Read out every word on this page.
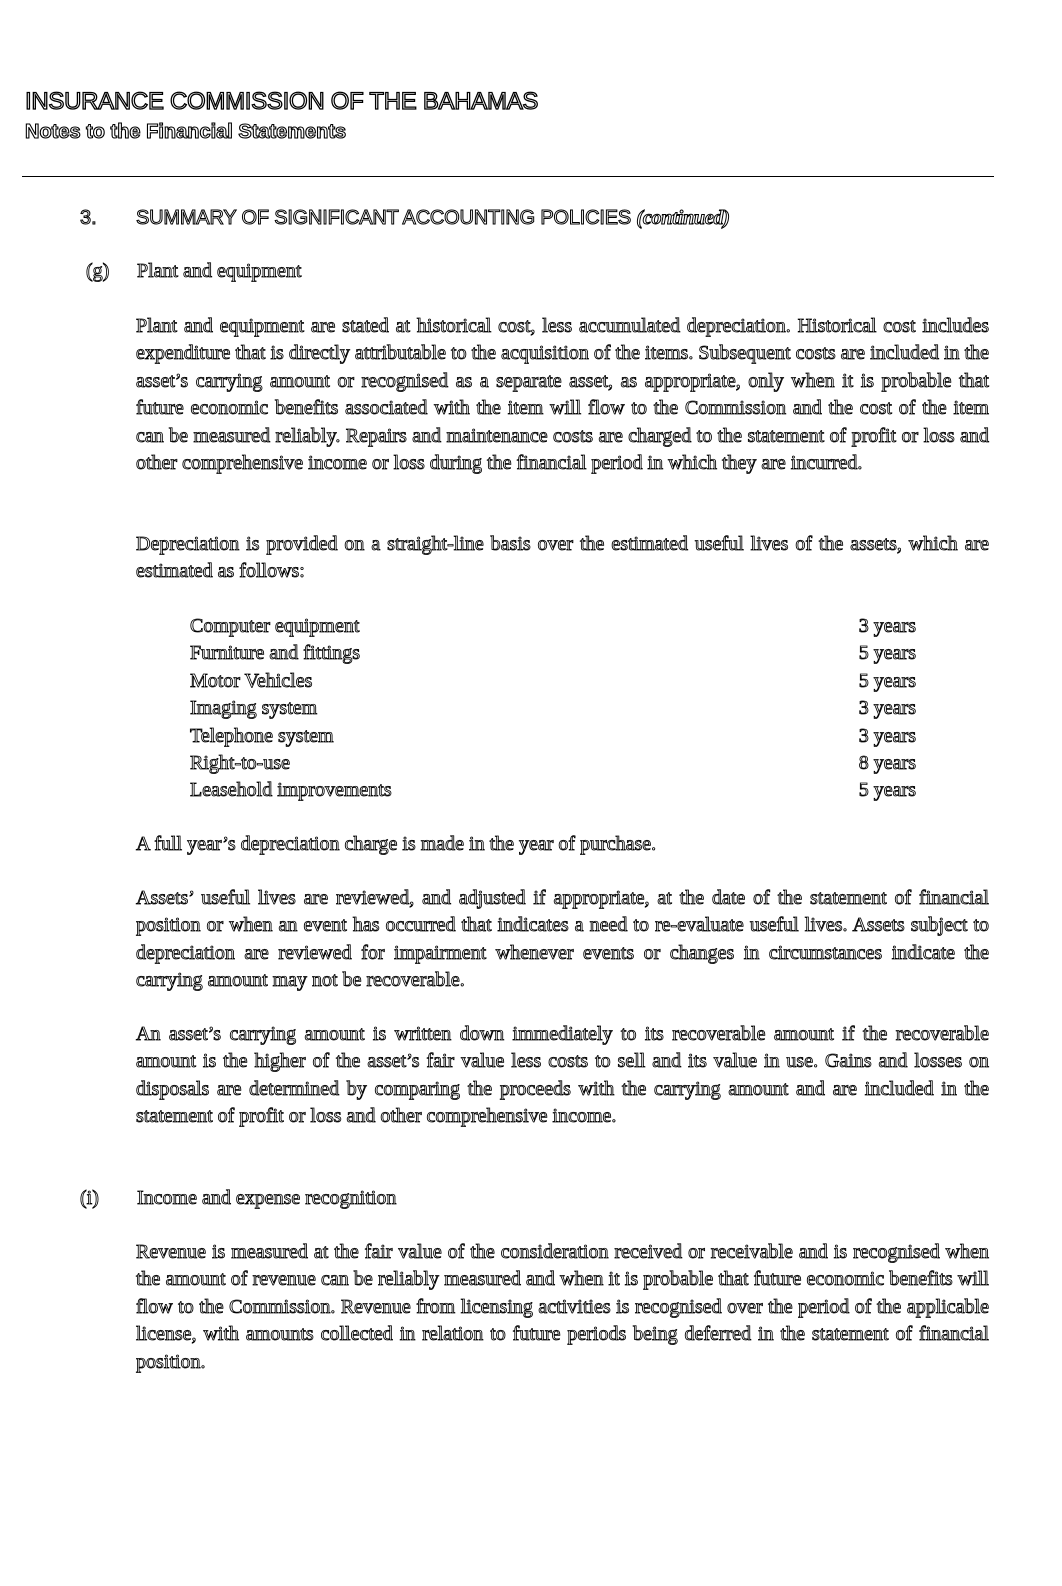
INSURANCE COMMISSION OF THE BAHAMAS
Notes to the Financial Statements
3. SUMMARY OF SIGNIFICANT ACCOUNTING POLICIES (continued)
(g) Plant and equipment

Plant and equipment are stated at historical cost, less accumulated depreciation. Historical cost includes expenditure that is directly attributable to the acquisition of the items. Subsequent costs are included in the asset’s carrying amount or recognised as a separate asset, as appropriate, only when it is probable that future economic benefits associated with the item will flow to the Commission and the cost of the item can be measured reliably. Repairs and maintenance costs are charged to the statement of profit or loss and other comprehensive income or loss during the financial period in which they are incurred.

Depreciation is provided on a straight-line basis over the estimated useful lives of the assets, which are estimated as follows:

Computer equipment	3 years
Furniture and fittings	5 years
Motor Vehicles	5 years
Imaging system	3 years
Telephone system	3 years
Right-to-use	8 years
Leasehold improvements	5 years

A full year’s depreciation charge is made in the year of purchase.

Assets’ useful lives are reviewed, and adjusted if appropriate, at the date of the statement of financial position or when an event has occurred that indicates a need to re-evaluate useful lives. Assets subject to depreciation are reviewed for impairment whenever events or changes in circumstances indicate the carrying amount may not be recoverable.

An asset’s carrying amount is written down immediately to its recoverable amount if the recoverable amount is the higher of the asset’s fair value less costs to sell and its value in use. Gains and losses on disposals are determined by comparing the proceeds with the carrying amount and are included in the statement of profit or loss and other comprehensive income.

(i) Income and expense recognition

Revenue is measured at the fair value of the consideration received or receivable and is recognised when the amount of revenue can be reliably measured and when it is probable that future economic benefits will flow to the Commission. Revenue from licensing activities is recognised over the period of the applicable license, with amounts collected in relation to future periods being deferred in the statement of financial position.
